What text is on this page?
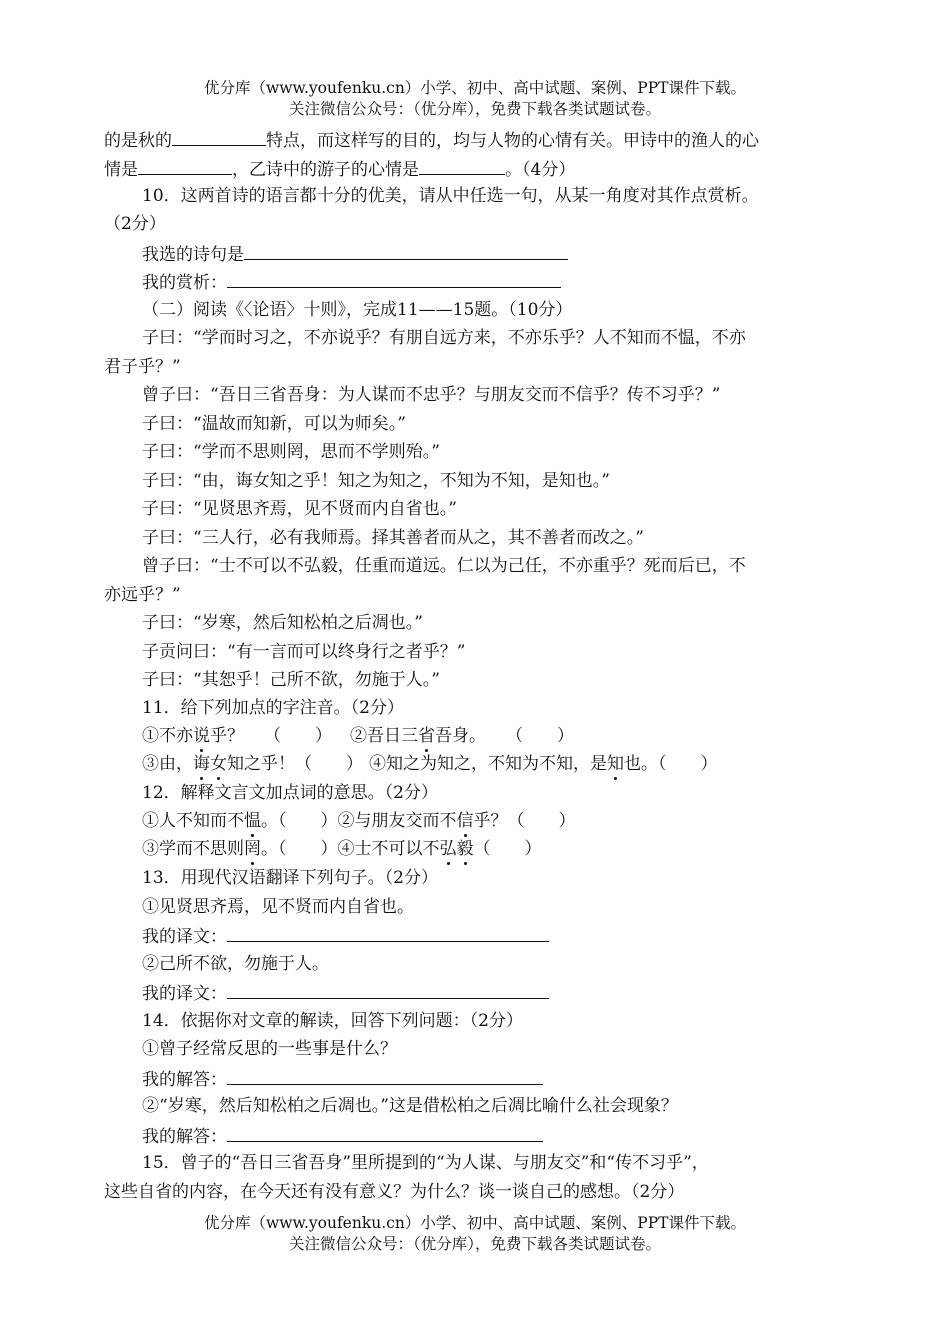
优分库（www.youfenku.cn）小学、初中、高中试题、案例、PPT课件下载。
关注微信公众号：（优分库），免费下载各类试题试卷。
的是秋的	特点，而这样写的目的，均与人物的心情有关。甲诗中的渔人的心
情是	，乙诗中的游子的心情是	。（4分）
10．这两首诗的语言都十分的优美，请从中任选一句，从某一角度对其作点赏析。
（2分）
我选的诗句是
我的赏析：
（二）阅读《〈论语〉十则》，完成11——15题。（10分）
子曰：“学而时习之，不亦说乎？有朋自远方来，不亦乐乎？人不知而不愠，不亦
君子乎？”
曾子曰：“吾日三省吾身：为人谋而不忠乎？与朋友交而不信乎？传不习乎？”
子曰：“温故而知新，可以为师矣。”
子曰：“学而不思则罔，思而不学则殆。”
子曰：“由，诲女知之乎！知之为知之，不知为不知，是知也。”
子曰：“见贤思齐焉，见不贤而内自省也。”
子曰：“三人行，必有我师焉。择其善者而从之，其不善者而改之。”
曾子曰：“士不可以不弘毅，任重而道远。仁以为己任，不亦重乎？死而后已，不
亦远乎？”
子曰：“岁寒，然后知松柏之后凋也。”
子贡问曰：“有一言而可以终身行之者乎？”
子曰：“其恕乎！己所不欲，勿施于人。”
11．给下列加点的字注音。（2分）
①不亦说乎？ （　　） ②吾日三省吾身。 （　　）
③由，诲女知之乎！（　　） ④知之为知之，不知为不知，是知也。（　　）
12．解释文言文加点词的意思。（2分）
①人不知而不愠。（　　）②与朋友交而不信乎？（　　）
③学而不思则罔。（　　）④士不可以不弘毅（　　）
13．用现代汉语翻译下列句子。（2分）
①见贤思齐焉，见不贤而内自省也。
我的译文：
②己所不欲，勿施于人。
我的译文：
14．依据你对文章的解读，回答下列问题：（2分）
①曾子经常反思的一些事是什么？
我的解答：
②“岁寒，然后知松柏之后凋也。”这是借松柏之后凋比喻什么社会现象？
我的解答：
15．曾子的“吾日三省吾身”里所提到的“为人谋、与朋友交”和“传不习乎”，
这些自省的内容，在今天还有没有意义？为什么？谈一谈自己的感想。（2分）
优分库（www.youfenku.cn）小学、初中、高中试题、案例、PPT课件下载。
关注微信公众号：（优分库），免费下载各类试题试卷。
